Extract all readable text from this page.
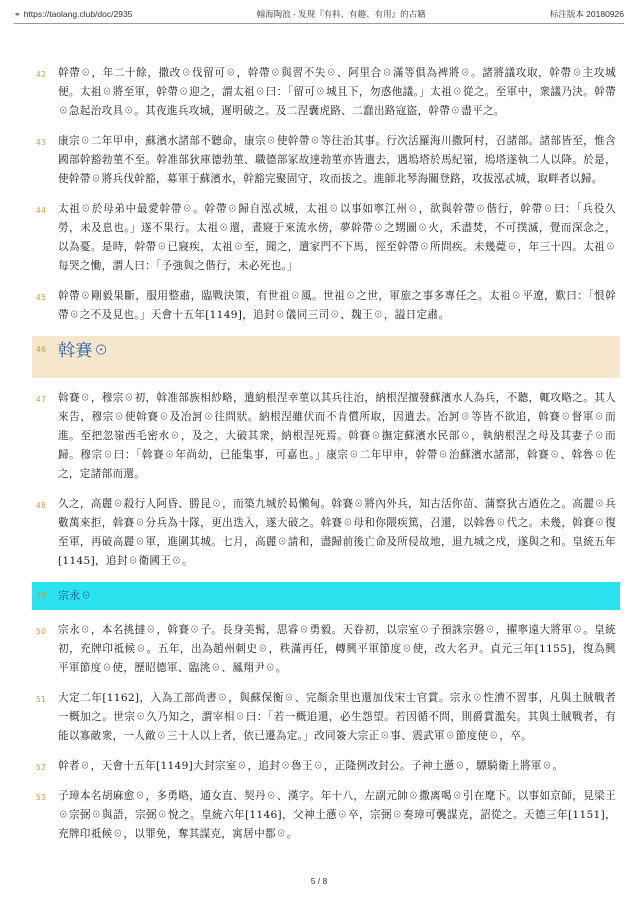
⚭ https://taolang.club/doc/2935	翰海陶浪 - 发现『有料、有趣、有用』的古籍	标注版本 20180926
42 幹帶☉，年二十餘，撒改☉伐留可☉，幹帶☉與習不失☉、阿里合☉滿等俱為裨將☉。諸將議攻取，幹帶☉主攻城便。太祖☉將至軍，幹帶☉迎之，謂太祖☉曰：「留可☉城且下，勿惑他議。」太祖☉從之。至軍中，衆議乃決。幹帶☉急起治攻具☉。其夜進兵攻城，遲明破之。及二涅囊虎路、二蠢出路寇盜，幹帶☉盡平之。
43 康宗☉二年甲申，蘇濱水諸部不聽命，康宗☉使幹帶☉等往治其事。行次活羅海川撒阿村，召諸部。諸部皆至，惟含國部幹豁勃菫不至。幹准部狄庫德勃菫、職德部冢故達勃菫亦皆遣去，遇塢塔於馬紀嶺，塢塔遂執二人以降。於是，使幹帶☉將兵伐幹豁，募軍于蘇濱水，幹豁完聚固守，攻而拔之。進師北琴海關登路，攻拔泓忒城，取畔者以歸。
44 太祖☉於母弟中最愛幹帶☉。幹帶☉歸自泓忒城，太祖☉以事如寧江州☉，欲與幹帶☉偕行，幹帶☉曰：「兵役久勞，未及息也。」遂不果行。太祖☉還，晝寢于來流水傍，夢幹帶☉之甥圖☉火，禾盡焚，不可撲滅，覺而深念之，以為憂。是時，幹帶☉已寢疾，太祖☉至，聞之，遣家門不下馬，徑至幹帶☉所問疾。未幾薨☉，年三十四。太祖☉每哭之慟，謂人曰：「予強與之偕行，未必死也。」
45 幹帶☉剛毅果斷，服用整肅，臨戰決策，有世祖☉風。世祖☉之世，軍旅之事多專任之。太祖☉平遼，歎曰：「恨幹帶☉之不及見也。」天會十五年[1149]，追封☉儀同三司☉、魏王☉，謚日定肅。
46 斡賽☉
47 斡賽☉，穆宗☉初，斡准部族相紗略，遣納根涅幸菫以其兵往治，納根涅擅發蘇濱水人為兵，不聽，輒攻略之。其人來告，穆宗☉使斡賽☉及冶訶☉往問狀。納根涅雖伏而不肯償所取，因遣去。冶訶☉等皆不欲追，斡賽☉督軍☉而進。至把忽嶺西毛密水☉，及之，大破其衆，納根涅死焉。斡賽☉撫定蘇濱水民部☉，執納根涅之母及其妻子☉而歸。穆宗☉曰：「斡賽☉年尚幼，已能集事，可嘉也。」康宗☉二年甲申，幹帶☉治蘇濱水諸部，斡賽☉、斡魯☉佐之，定諸部而還。
48 久之，高麗☉殺行人阿昏、勝昆☉，而築九城於曷懶甸。斡賽☉將內外兵，知古活你苗、蒲察狄古迺佐之。高麗☉兵數萬來拒，斡賽☉分兵為十隊，更出迭入，遂大破之。斡賽☉母和你隈疾篤，召還，以斡魯☉代之。未幾，斡賽☉復至軍，再破高麗☉軍，進圍其城。七月，高麗☉請和，盡歸前後亡命及所侵故地，退九城之戍，遂與之和。皇統五年[1145]，追封☉衛國王☉。
49 宗永☉
50 宗永☉，本名挑撻☉，斡賽☉子。長身美髯，思睿☉勇毅。天眷初，以宗室☉子預誅宗磐☉，擢寧遠大將軍☉。皇統初，充牌印祗候☉。五年，出為趙州刺史☉，秩滿再任，轉興平軍節度☉使，改大名尹。貞元三年[1155]，復為興平軍節度☉使，歷昭德軍、臨洮☉、鳳翔尹☉。
51 大定二年[1162]，入為工部尚書☉，與蘇保衡☉、完顏余里也還加伐宋士官賞。宗永☉性漕不習事，凡與土賊戰者一概加之。世宗☉久乃知之，謂宰相☉曰：「若一概追還，必生怨望。若因循不問，則爵賞濫矣。其與土賊戰者，有能以寡敵衆，一人敵☉三十人以上者，依已遷為定。」改同簽大宗正☉事、震武軍☉節度使☉，卒。
52 幹者☉，天會十五年[1149]大封宗室☉，追封☉魯王☉，正隆例改封公。子神土懣☉，驃騎衛上將軍☉。
53 子璋本名胡麻愈☉，多勇略，通女直、契丹☉、漢字。年十八，左副元帥☉撒离喝☉引在麾下。以事如京師，見梁王☉宗弼☉與語，宗弼☉悅之。皇統六年[1146]，父神土懣☉卒，宗弼☉奏璋可襲謀克，詔從之。天德三年[1151]，充牌印祗候☉，以罪免，奪其謀克，寓居中都☉。
5 / 8
